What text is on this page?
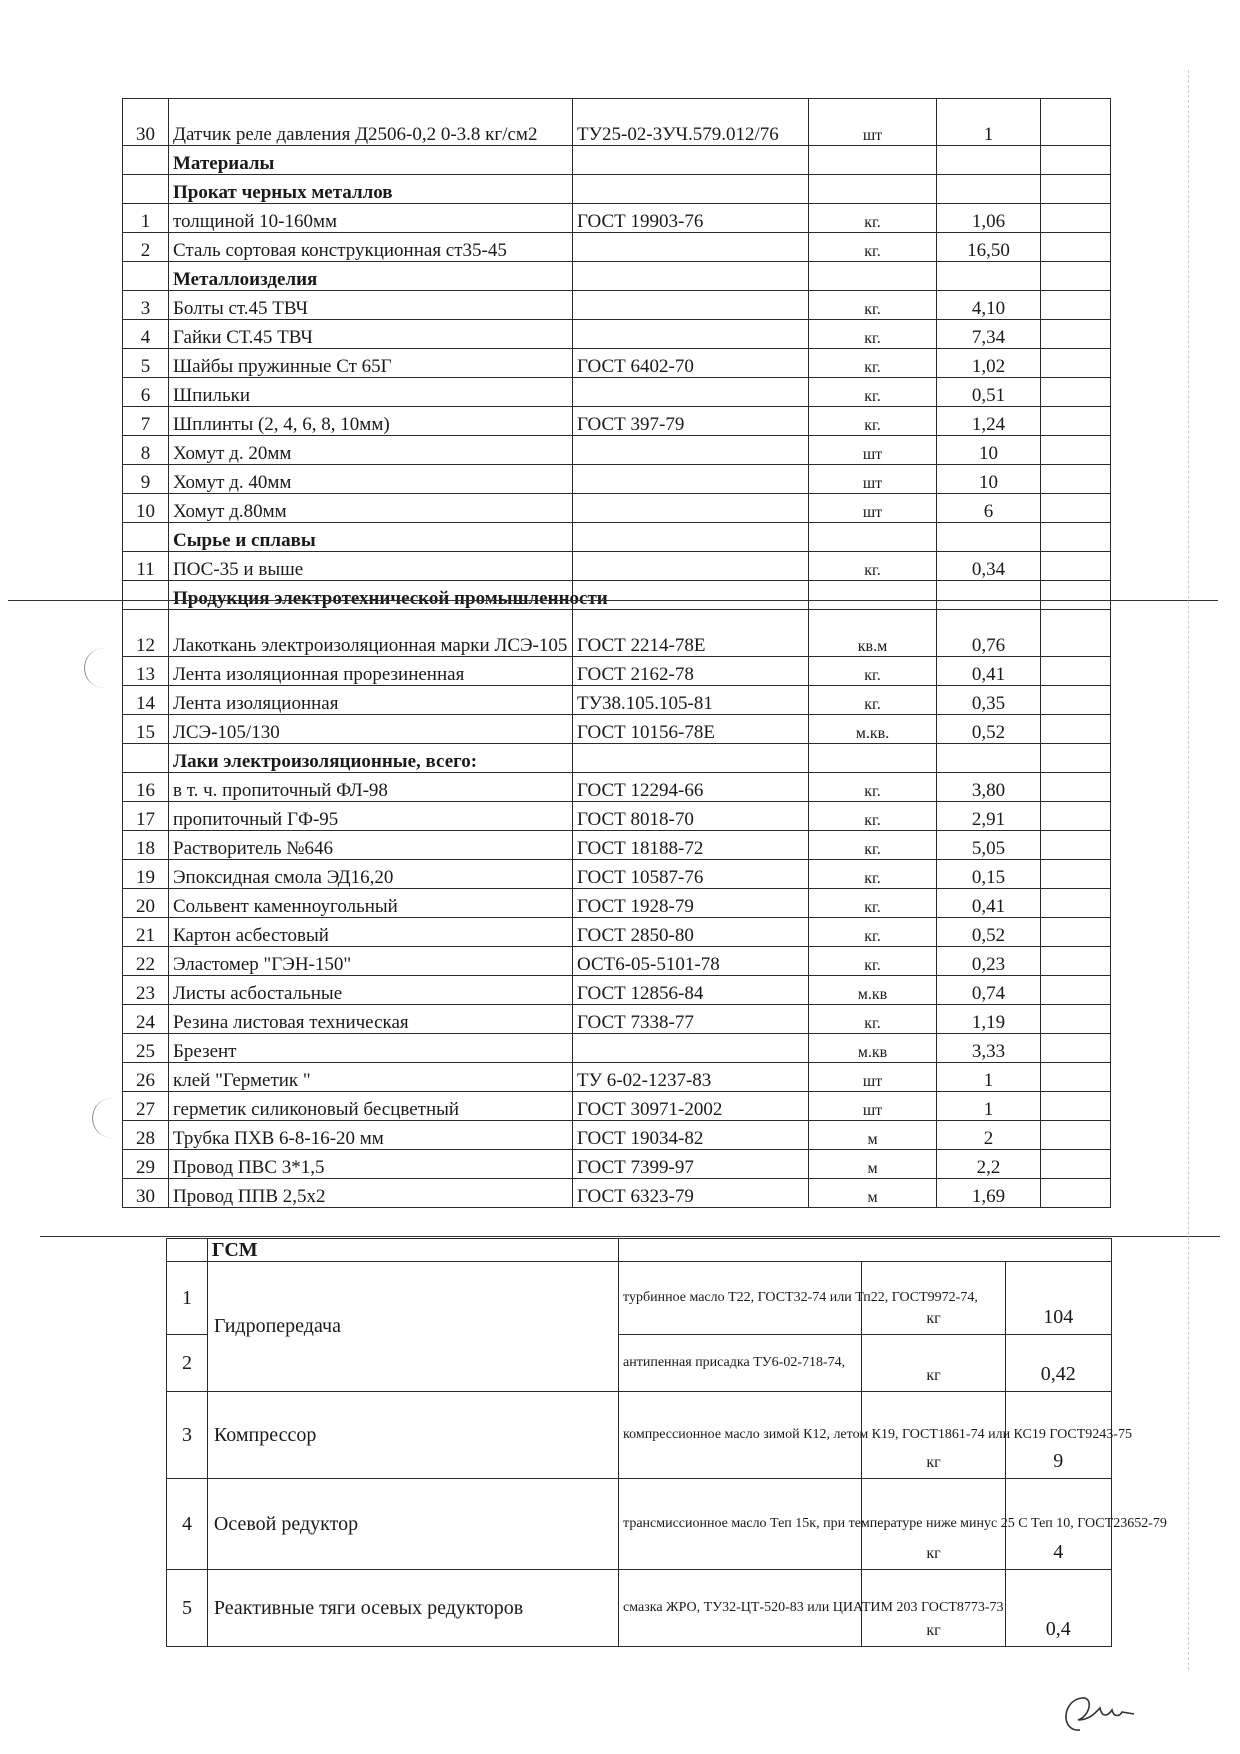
30	Датчик реле давления Д2506-0,2 0-3.8 кг/см2	ТУ25-02-3УЧ.579.012/76	шт	1	
	Материалы				
	Прокат черных металлов				
1	толщиной 10-160мм	ГОСТ 19903-76	кг.	1,06	
2	Сталь сортовая конструкционная ст35-45		кг.	16,50	
	Металлоизделия				
3	Болты ст.45 ТВЧ		кг.	4,10	
4	Гайки СТ.45 ТВЧ		кг.	7,34	
5	Шайбы пружинные Ст 65Г	ГОСТ 6402-70	кг.	1,02	
6	Шпильки		кг.	0,51	
7	Шплинты (2, 4, 6, 8, 10мм)	ГОСТ 397-79	кг.	1,24	
8	Хомут д. 20мм		шт	10	
9	Хомут д. 40мм		шт	10	
10	Хомут д.80мм		шт	6	
	Сырье и сплавы				
11	ПОС-35 и выше		кг.	0,34	
	Продукция электротехнической промышленности				
12	Лакоткань электроизоляционная марки ЛСЭ-105	ГОСТ 2214-78Е	кв.м	0,76	
13	Лента изоляционная прорезиненная	ГОСТ 2162-78	кг.	0,41	
14	Лента изоляционная	ТУ38.105.105-81	кг.	0,35	
15	ЛСЭ-105/130	ГОСТ 10156-78Е	м.кв.	0,52	
	Лаки электроизоляционные, всего:				
16	в т. ч. пропиточный ФЛ-98	ГОСТ 12294-66	кг.	3,80	
17	пропиточный ГФ-95	ГОСТ 8018-70	кг.	2,91	
18	Растворитель №646	ГОСТ 18188-72	кг.	5,05	
19	Эпоксидная смола ЭД16,20	ГОСТ 10587-76	кг.	0,15	
20	Сольвент каменноугольный	ГОСТ 1928-79	кг.	0,41	
21	Картон асбестовый	ГОСТ 2850-80	кг.	0,52	
22	Эластомер "ГЭН-150"	ОСТ6-05-5101-78	кг.	0,23	
23	Листы асбостальные	ГОСТ 12856-84	м.кв	0,74	
24	Резина листовая техническая	ГОСТ 7338-77	кг.	1,19	
25	Брезент		м.кв	3,33	
26	клей "Герметик "	ТУ 6-02-1237-83	шт	1	
27	герметик силиконовый бесцветный	ГОСТ 30971-2002	шт	1	
28	Трубка ПХВ 6-8-16-20 мм	ГОСТ 19034-82	м	2	
29	Провод ПВС 3*1,5	ГОСТ 7399-97	м	2,2	
30	Провод ППВ 2,5х2	ГОСТ 6323-79	м	1,69	
	ГСМ			
1	Гидропередача	турбинное масло Т22, ГОСТ32-74 или Тп22, ГОСТ9972-74,	кг	104
2		антипенная присадка ТУ6-02-718-74,	кг	0,42
3	Компрессор	компрессионное масло зимой К12, летом К19, ГОСТ1861-74 или КС19 ГОСТ9243-75	кг	9
4	Осевой редуктор	трансмиссионное масло Теп 15к, при температуре ниже минус 25 С Теп 10, ГОСТ23652-79	кг	4
5	Реактивные тяги осевых редукторов	смазка ЖРО, ТУ32-ЦТ-520-83 или ЦИАТИМ 203 ГОСТ8773-73	кг	0,4
